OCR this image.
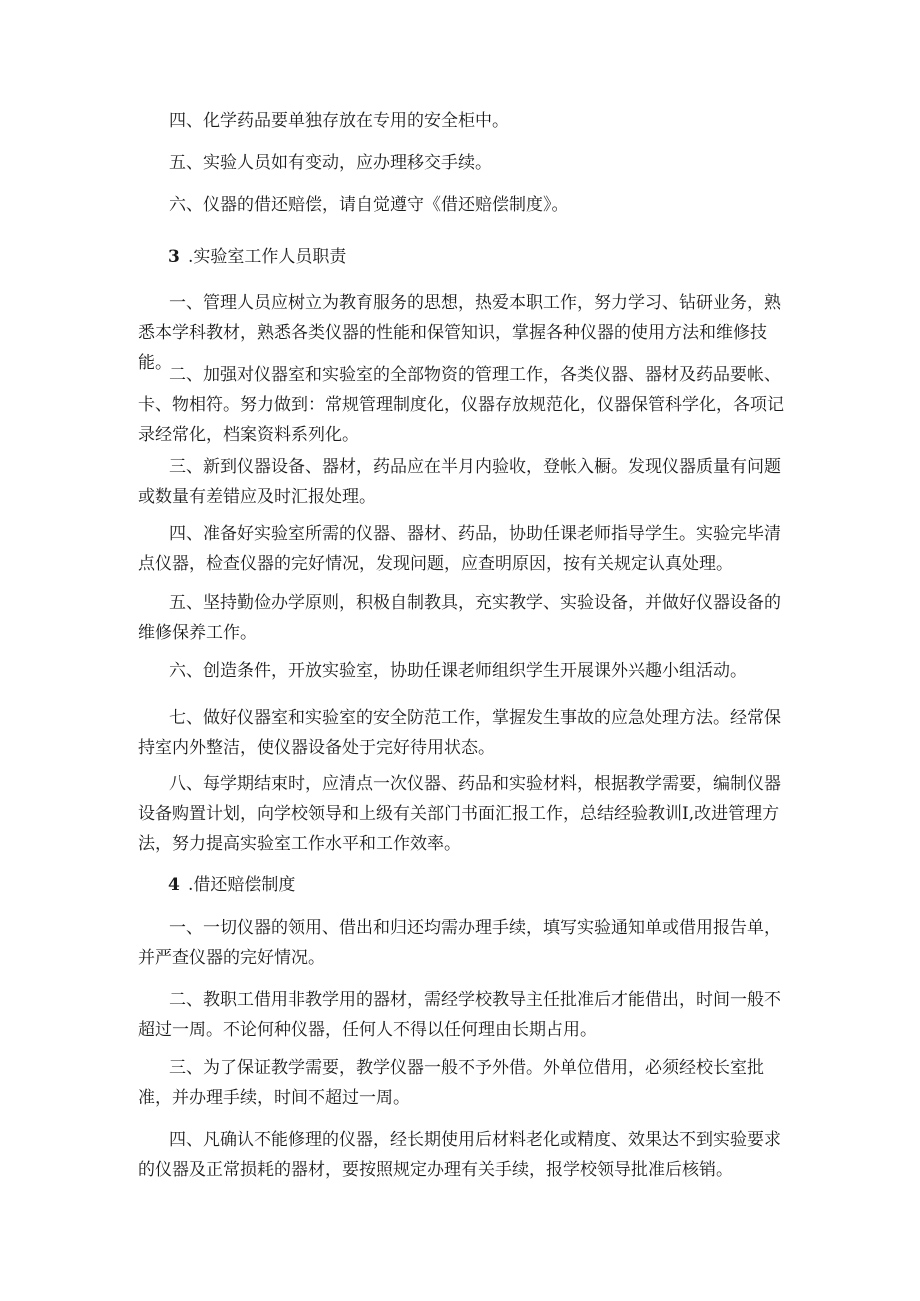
四、化学药品要单独存放在专用的安全柜中。

五、实验人员如有变动，应办理移交手续。

六、仪器的借还赔偿，请自觉遵守《借还赔偿制度》。

3 .实验室工作人员职责

一、管理人员应树立为教育服务的思想，热爱本职工作，努力学习、钻研业务，熟悉本学科教材，熟悉各类仪器的性能和保管知识，掌握各种仪器的使用方法和维修技能。

二、加强对仪器室和实验室的全部物资的管理工作，各类仪器、器材及药品要帐、卡、物相符。努力做到：常规管理制度化，仪器存放规范化，仪器保管科学化，各项记录经常化，档案资料系列化。

三、新到仪器设备、器材，药品应在半月内验收，登帐入橱。发现仪器质量有问题或数量有差错应及时汇报处理。

四、准备好实验室所需的仪器、器材、药品，协助任课老师指导学生。实验完毕清点仪器，检查仪器的完好情况，发现问题，应查明原因，按有关规定认真处理。

五、坚持勤俭办学原则，积极自制教具，充实教学、实验设备，并做好仪器设备的维修保养工作。

六、创造条件，开放实验室，协助任课老师组织学生开展课外兴趣小组活动。

七、做好仪器室和实验室的安全防范工作，掌握发生事故的应急处理方法。经常保持室内外整洁，使仪器设备处于完好待用状态。

八、每学期结束时，应清点一次仪器、药品和实验材料，根据教学需要，编制仪器设备购置计划，向学校领导和上级有关部门书面汇报工作，总结经验教训I,改进管理方法，努力提高实验室工作水平和工作效率。

4 .借还赔偿制度

一、一切仪器的领用、借出和归还均需办理手续，填写实验通知单或借用报告单，并严查仪器的完好情况。

二、教职工借用非教学用的器材，需经学校教导主任批准后才能借出，时间一般不超过一周。不论何种仪器，任何人不得以任何理由长期占用。

三、为了保证教学需要，教学仪器一般不予外借。外单位借用，必须经校长室批准，并办理手续，时间不超过一周。

四、凡确认不能修理的仪器，经长期使用后材料老化或精度、效果达不到实验要求的仪器及正常损耗的器材，要按照规定办理有关手续，报学校领导批准后核销。
